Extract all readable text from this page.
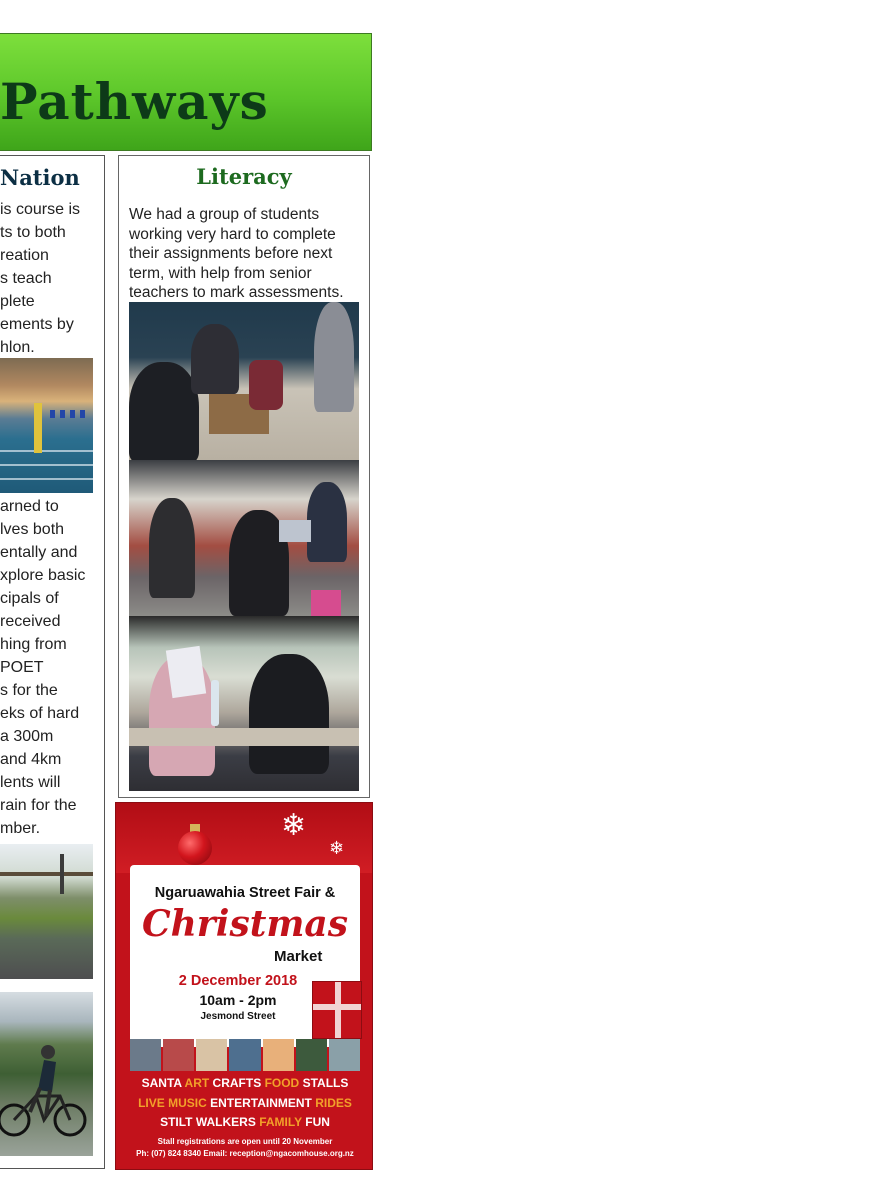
Pathways
Nation
is course is
ts to both
reation
s teach
plete
ements by
hlon.
arned to
lves both
entally and
xplore basic
cipals of
received
hing from
POET
s for the
eks of hard
a 300m
and 4km
lents will
rain for the
mber.
Literacy
We had a group of students
working very hard to complete
their assignments before next
term, with help from senior
teachers to mark assessments.
❄
❄
Ngaruawahia Street Fair &
Christmas
Market
2 December 2018
10am - 2pm
Jesmond Street
SANTA ART CRAFTS FOOD STALLS
LIVE MUSIC ENTERTAINMENT RIDES
STILT WALKERS FAMILY FUN
Stall registrations are open until 20 November
Ph: (07) 824 8340 Email: reception@ngacomhouse.org.nz
